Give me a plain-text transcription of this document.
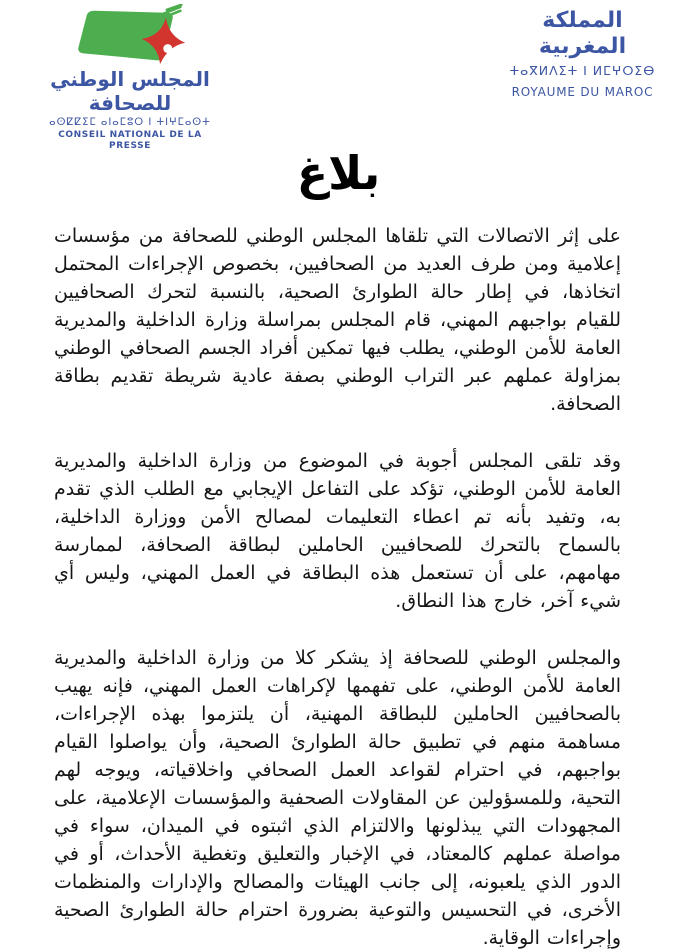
المجلس الوطني للصحافة
ⴰⵙⵇⵇⵉⵎ ⴰⵏⴰⵎⵓⵔ ⵏ ⵜⵏⵖⵎⴰⵙⵜ
CONSEIL NATIONAL DE LA PRESSE
المملكة المغربية
ⵜⴰⴳⵍⴷⵉⵜ ⵏ ⵍⵎⵖⵔⵉⴱ
ROYAUME DU MAROC
بلاغ

على إثر الاتصالات التي تلقاها المجلس الوطني للصحافة من مؤسسات إعلامية ومن طرف العديد من الصحافيين، بخصوص الإجراءات المحتمل اتخاذها، في إطار حالة الطوارئ الصحية، بالنسبة لتحرك الصحافيين للقيام بواجبهم المهني، قام المجلس بمراسلة وزارة الداخلية والمديرية العامة للأمن الوطني، يطلب فيها تمكين أفراد الجسم الصحافي الوطني بمزاولة عملهم عبر التراب الوطني بصفة عادية شريطة تقديم بطاقة الصحافة.

وقد تلقى المجلس أجوبة في الموضوع من وزارة الداخلية والمديرية العامة للأمن الوطني، تؤكد على التفاعل الإيجابي مع الطلب الذي تقدم به، وتفيد بأنه تم اعطاء التعليمات لمصالح الأمن ووزارة الداخلية، بالسماح بالتحرك للصحافيين الحاملين لبطاقة الصحافة، لممارسة مهامهم، على أن تستعمل هذه البطاقة في العمل المهني، وليس أي شيء آخر، خارج هذا النطاق.

والمجلس الوطني للصحافة إذ يشكر كلا من وزارة الداخلية والمديرية العامة للأمن الوطني، على تفهمها لإكراهات العمل المهني، فإنه يهيب بالصحافيين الحاملين للبطاقة المهنية، أن يلتزموا بهذه الإجراءات، مساهمة منهم في تطبيق حالة الطوارئ الصحية، وأن يواصلوا القيام بواجبهم، في احترام لقواعد العمل الصحافي واخلاقياته، ويوجه لهم التحية، وللمسؤولين عن المقاولات الصحفية والمؤسسات الإعلامية، على المجهودات التي يبذلونها والالتزام الذي اثبتوه في الميدان، سواء في مواصلة عملهم كالمعتاد، في الإخبار والتعليق وتغطية الأحداث، أو في الدور الذي يلعبونه، إلى جانب الهيئات والمصالح والإدارات والمنظمات الأخرى، في التحسيس والتوعية بضرورة احترام حالة الطوارئ الصحية وإجراءات الوقاية.
